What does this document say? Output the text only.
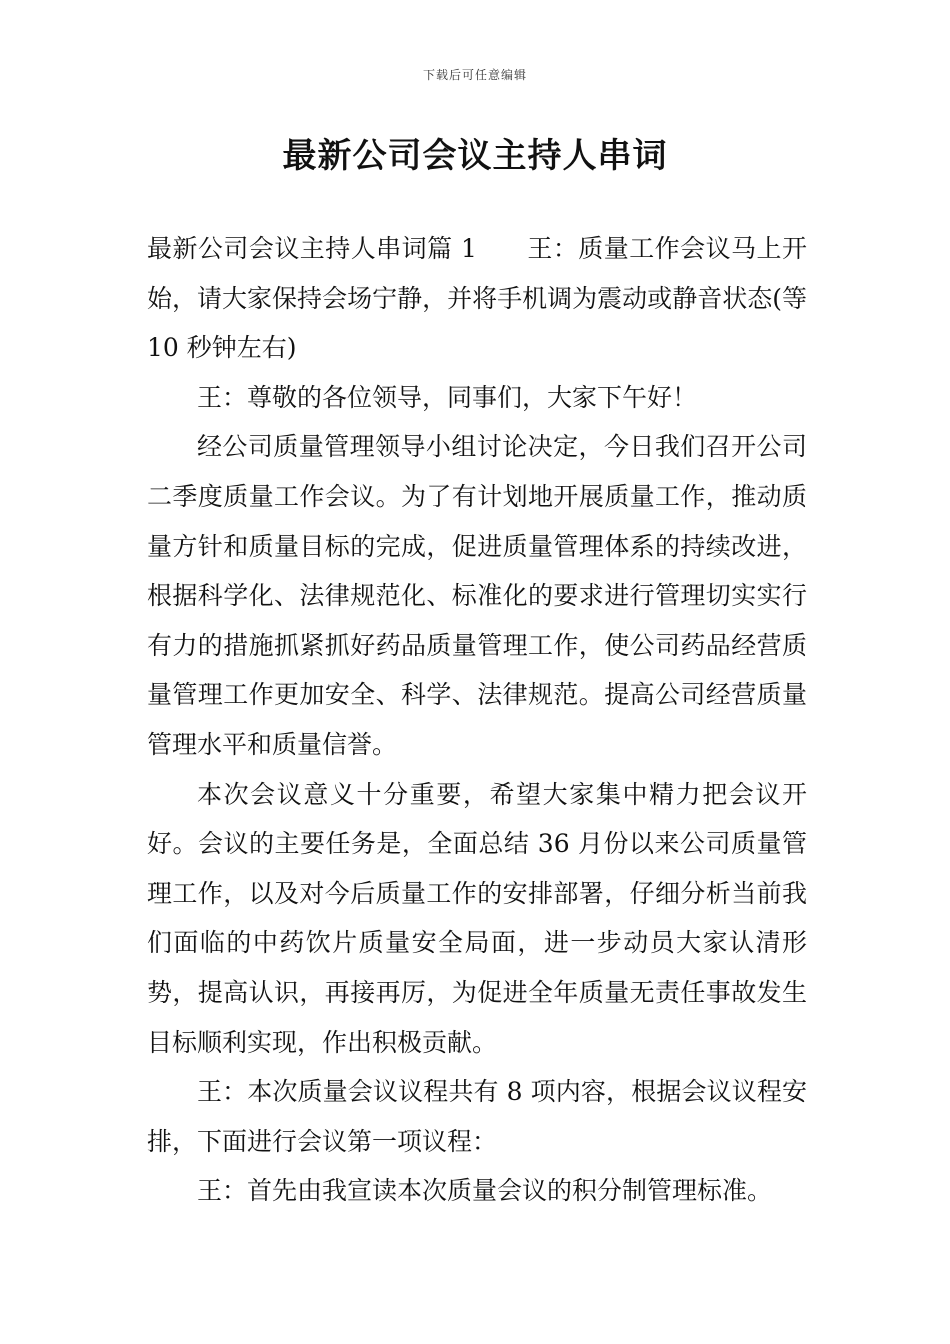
下载后可任意编辑
最新公司会议主持人串词

最新公司会议主持人串词篇 1 王：质量工作会议马上开始，请大家保持会场宁静，并将手机调为震动或静音状态(等 10 秒钟左右)

王：尊敬的各位领导，同事们，大家下午好！

经公司质量管理领导小组讨论决定，今日我们召开公司二季度质量工作会议。为了有计划地开展质量工作，推动质量方针和质量目标的完成，促进质量管理体系的持续改进，根据科学化、法律规范化、标准化的要求进行管理切实实行有力的措施抓紧抓好药品质量管理工作，使公司药品经营质量管理工作更加安全、科学、法律规范。提高公司经营质量管理水平和质量信誉。

本次会议意义十分重要，希望大家集中精力把会议开好。会议的主要任务是，全面总结 36 月份以来公司质量管理工作，以及对今后质量工作的安排部署，仔细分析当前我们面临的中药饮片质量安全局面，进一步动员大家认清形势，提高认识，再接再厉，为促进全年质量无责任事故发生目标顺利实现，作出积极贡献。

王：本次质量会议议程共有 8 项内容，根据会议议程安排，下面进行会议第一项议程：

王：首先由我宣读本次质量会议的积分制管理标准。
